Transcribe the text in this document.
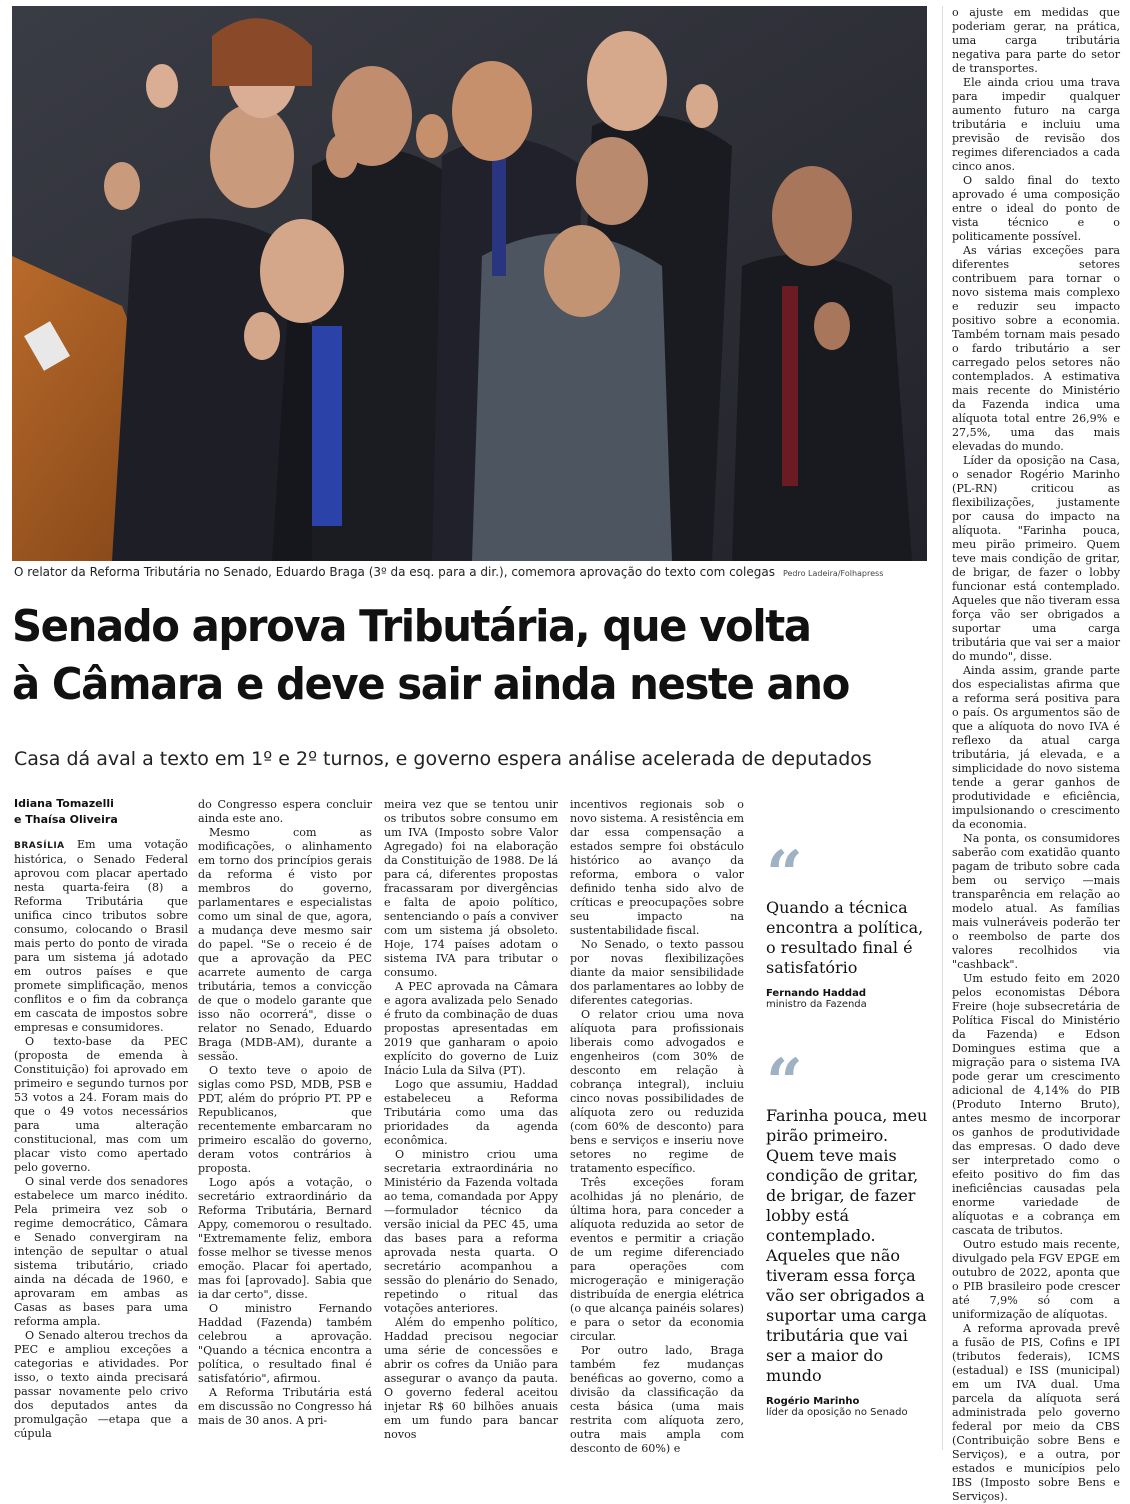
O relator da Reforma Tributária no Senado, Eduardo Braga (3º da esq. para a dir.), comemora aprovação do texto com colegas Pedro Ladeira/Folhapress
Senado aprova Tributária, que volta
à Câmara e deve sair ainda neste ano
Casa dá aval a texto em 1º e 2º turnos, e governo espera análise acelerada de deputados
Idiana Tomazelli
e Thaísa Oliveira

BRASÍLIA Em uma votação histórica, o Senado Federal aprovou com placar apertado nesta quarta-feira (8) a Reforma Tributária que unifica cinco tributos sobre consumo, colocando o Brasil mais perto do ponto de virada para um sistema já adotado em outros países e que promete simplificação, menos conflitos e o fim da cobrança em cascata de impostos sobre empresas e consumidores.

O texto-base da PEC (proposta de emenda à Constituição) foi aprovado em primeiro e segundo turnos por 53 votos a 24. Foram mais do que o 49 votos necessários para uma alteração constitucional, mas com um placar visto como apertado pelo governo.

O sinal verde dos senadores estabelece um marco inédito. Pela primeira vez sob o regime democrático, Câmara e Senado convergiram na intenção de sepultar o atual sistema tributário, criado ainda na década de 1960, e aprovaram em ambas as Casas as bases para uma reforma ampla.

O Senado alterou trechos da PEC e ampliou exceções a categorias e atividades. Por isso, o texto ainda precisará passar novamente pelo crivo dos deputados antes da promulgação —etapa que a cúpula

do Congresso espera concluir ainda este ano.

Mesmo com as modificações, o alinhamento em torno dos princípios gerais da reforma é visto por membros do governo, parlamentares e especialistas como um sinal de que, agora, a mudança deve mesmo sair do papel. "Se o receio é de que a aprovação da PEC acarrete aumento de carga tributária, temos a convicção de que o modelo garante que isso não ocorrerá", disse o relator no Senado, Eduardo Braga (MDB-AM), durante a sessão.

O texto teve o apoio de siglas como PSD, MDB, PSB e PDT, além do próprio PT. PP e Republicanos, que recentemente embarcaram no primeiro escalão do governo, deram votos contrários à proposta.

Logo após a votação, o secretário extraordinário da Reforma Tributária, Bernard Appy, comemorou o resultado. "Extremamente feliz, embora fosse melhor se tivesse menos emoção. Placar foi apertado, mas foi [aprovado]. Sabia que ia dar certo", disse.

O ministro Fernando Haddad (Fazenda) também celebrou a aprovação. "Quando a técnica encontra a política, o resultado final é satisfatório", afirmou.

A Reforma Tributária está em discussão no Congresso há mais de 30 anos. A pri-

meira vez que se tentou unir os tributos sobre consumo em um IVA (Imposto sobre Valor Agregado) foi na elaboração da Constituição de 1988. De lá para cá, diferentes propostas fracassaram por divergências e falta de apoio político, sentenciando o país a conviver com um sistema já obsoleto. Hoje, 174 países adotam o sistema IVA para tributar o consumo.

A PEC aprovada na Câmara e agora avalizada pelo Senado é fruto da combinação de duas propostas apresentadas em 2019 que ganharam o apoio explícito do governo de Luiz Inácio Lula da Silva (PT).

Logo que assumiu, Haddad estabeleceu a Reforma Tributária como uma das prioridades da agenda econômica.

O ministro criou uma secretaria extraordinária no Ministério da Fazenda voltada ao tema, comandada por Appy —formulador técnico da versão inicial da PEC 45, uma das bases para a reforma aprovada nesta quarta. O secretário acompanhou a sessão do plenário do Senado, repetindo o ritual das votações anteriores.

Além do empenho político, Haddad precisou negociar uma série de concessões e abrir os cofres da União para assegurar o avanço da pauta. O governo federal aceitou injetar R$ 60 bilhões anuais em um fundo para bancar novos

incentivos regionais sob o novo sistema. A resistência em dar essa compensação a estados sempre foi obstáculo histórico ao avanço da reforma, embora o valor definido tenha sido alvo de críticas e preocupações sobre seu impacto na sustentabilidade fiscal.

No Senado, o texto passou por novas flexibilizações diante da maior sensibilidade dos parlamentares ao lobby de diferentes categorias.

O relator criou uma nova alíquota para profissionais liberais como advogados e engenheiros (com 30% de desconto em relação à cobrança integral), incluiu cinco novas possibilidades de alíquota zero ou reduzida (com 60% de desconto) para bens e serviços e inseriu nove setores no regime de tratamento específico.

Três exceções foram acolhidas já no plenário, de última hora, para conceder a alíquota reduzida ao setor de eventos e permitir a criação de um regime diferenciado para operações com microgeração e minigeração distribuída de energia elétrica (o que alcança painéis solares) e para o setor da economia circular.

Por outro lado, Braga também fez mudanças benéficas ao governo, como a divisão da classificação da cesta básica (uma mais restrita com alíquota zero, outra mais ampla com desconto de 60%) e

“
Quando a técnica encontra a política, o resultado final é satisfatório
Fernando Haddad
ministro da Fazenda
“
Farinha pouca, meu pirão primeiro. Quem teve mais condição de gritar, de brigar, de fazer lobby está contemplado. Aqueles que não tiveram essa força vão ser obrigados a suportar uma carga tributária que vai ser a maior do mundo
Rogério Marinho
líder da oposição no Senado

o ajuste em medidas que poderiam gerar, na prática, uma carga tributária negativa para parte do setor de transportes.

Ele ainda criou uma trava para impedir qualquer aumento futuro na carga tributária e incluiu uma previsão de revisão dos regimes diferenciados a cada cinco anos.

O saldo final do texto aprovado é uma composição entre o ideal do ponto de vista técnico e o politicamente possível.

As várias exceções para diferentes setores contribuem para tornar o novo sistema mais complexo e reduzir seu impacto positivo sobre a economia. Também tornam mais pesado o fardo tributário a ser carregado pelos setores não contemplados. A estimativa mais recente do Ministério da Fazenda indica uma alíquota total entre 26,9% e 27,5%, uma das mais elevadas do mundo.

Líder da oposição na Casa, o senador Rogério Marinho (PL-RN) criticou as flexibilizações, justamente por causa do impacto na alíquota. "Farinha pouca, meu pirão primeiro. Quem teve mais condição de gritar, de brigar, de fazer o lobby funcionar está contemplado. Aqueles que não tiveram essa força vão ser obrigados a suportar uma carga tributária que vai ser a maior do mundo", disse.

Ainda assim, grande parte dos especialistas afirma que a reforma será positiva para o país. Os argumentos são de que a alíquota do novo IVA é reflexo da atual carga tributária, já elevada, e a simplicidade do novo sistema tende a gerar ganhos de produtividade e eficiência, impulsionando o crescimento da economia.

Na ponta, os consumidores saberão com exatidão quanto pagam de tributo sobre cada bem ou serviço —mais transparência em relação ao modelo atual. As famílias mais vulneráveis poderão ter o reembolso de parte dos valores recolhidos via "cashback".

Um estudo feito em 2020 pelos economistas Débora Freire (hoje subsecretária de Política Fiscal do Ministério da Fazenda) e Edson Domingues estima que a migração para o sistema IVA pode gerar um crescimento adicional de 4,14% do PIB (Produto Interno Bruto), antes mesmo de incorporar os ganhos de produtividade das empresas. O dado deve ser interpretado como o efeito positivo do fim das ineficiências causadas pela enorme variedade de alíquotas e a cobrança em cascata de tributos.

Outro estudo mais recente, divulgado pela FGV EPGE em outubro de 2022, aponta que o PIB brasileiro pode crescer até 7,9% só com a uniformização de alíquotas.

A reforma aprovada prevê a fusão de PIS, Cofins e IPI (tributos federais), ICMS (estadual) e ISS (municipal) em um IVA dual. Uma parcela da alíquota será administrada pelo governo federal por meio da CBS (Contribuição sobre Bens e Serviços), e a outra, por estados e municípios pelo IBS (Imposto sobre Bens e Serviços).
